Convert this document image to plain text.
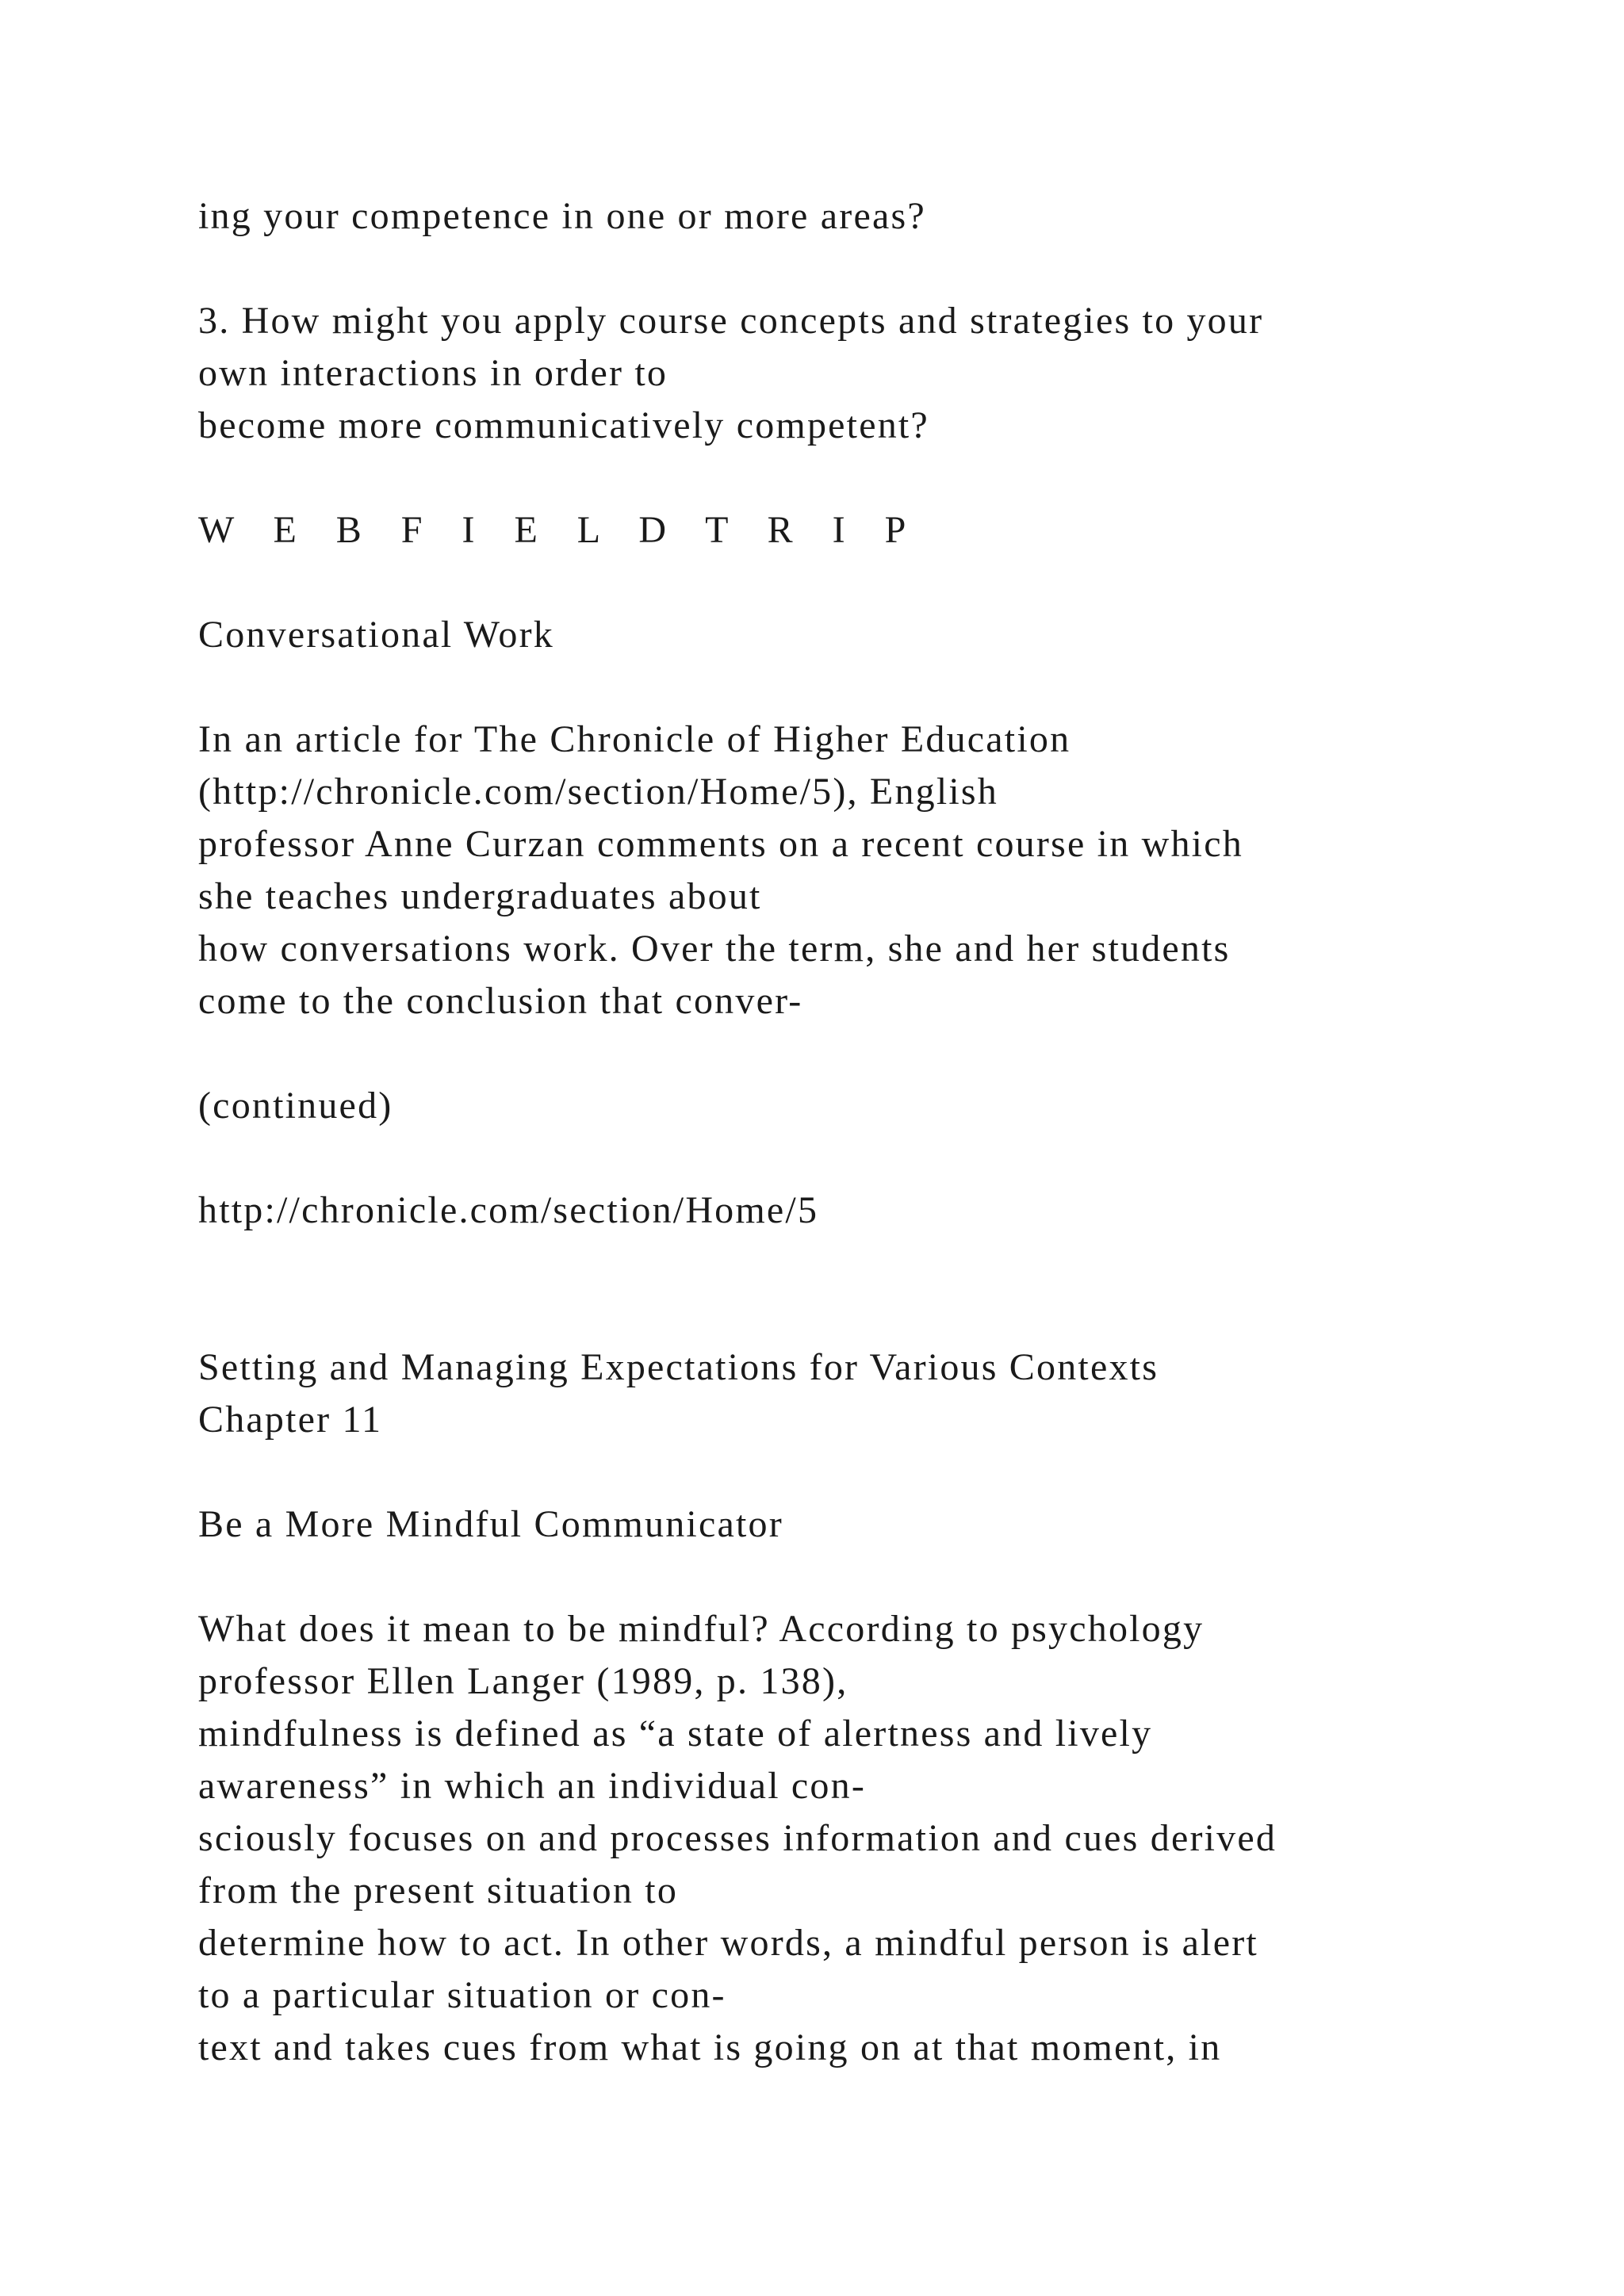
ing your competence in one or more areas?
3. How might you apply course concepts and strategies to your
own interactions in order to
become more communicatively competent?
W E B F I E L D T R I P
Conversational Work
In an article for The Chronicle of Higher Education
(http://chronicle.com/section/Home/5), English
professor Anne Curzan comments on a recent course in which
she teaches undergraduates about
how conversations work. Over the term, she and her students
come to the conclusion that conver-
(continued)
http://chronicle.com/section/Home/5
Setting and Managing Expectations for Various Contexts
Chapter 11
Be a More Mindful Communicator
What does it mean to be mindful? According to psychology
professor Ellen Langer (1989, p. 138),
mindfulness is defined as “a state of alertness and lively
awareness” in which an individual con-
sciously focuses on and processes information and cues derived
from the present situation to
determine how to act. In other words, a mindful person is alert
to a particular situation or con-
text and takes cues from what is going on at that moment, in
